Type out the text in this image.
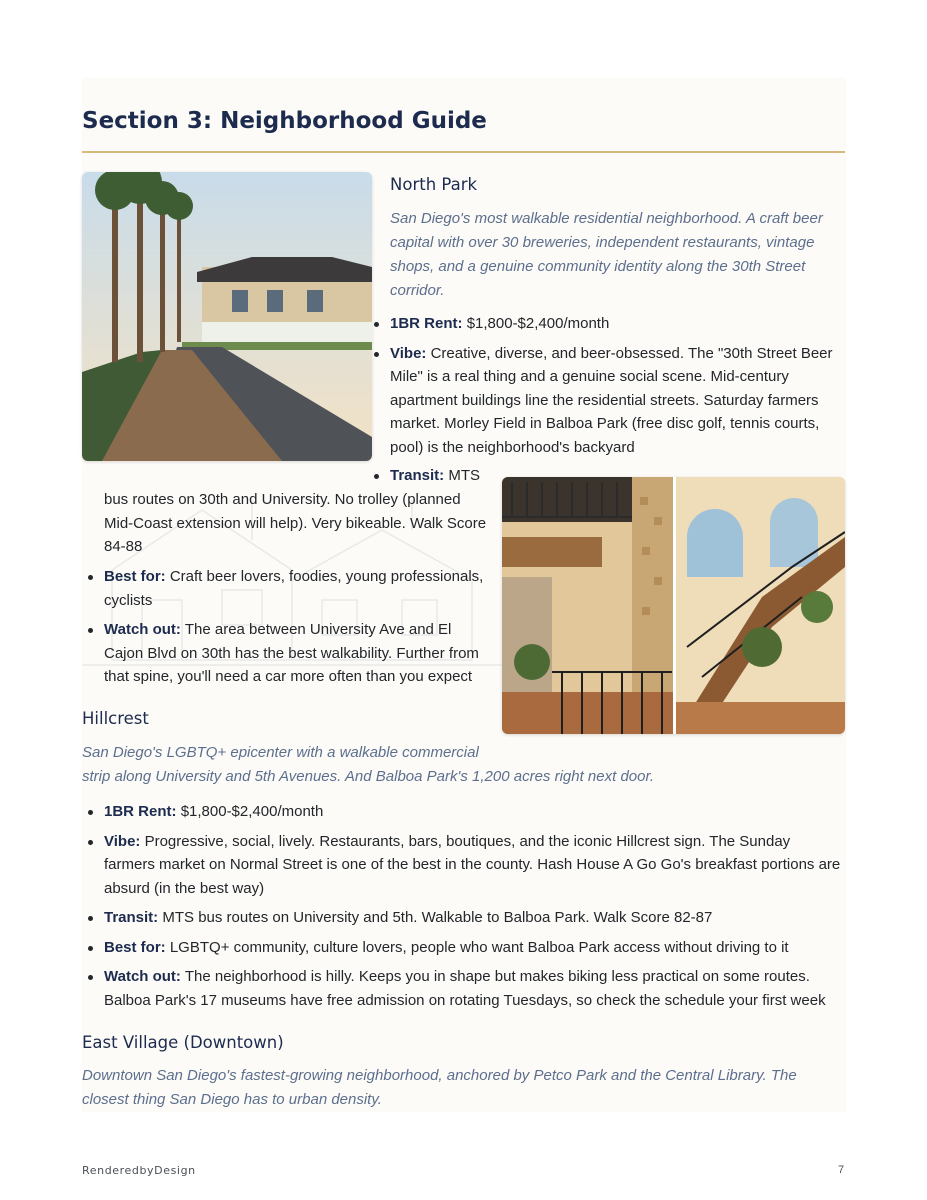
Section 3: Neighborhood Guide
North Park

San Diego's most walkable residential neighborhood. A craft beer capital with over 30 breweries, independent restaurants, vintage shops, and a genuine community identity along the 30th Street corridor.

1BR Rent: $1,800-$2,400/month
Vibe: Creative, diverse, and beer-obsessed. The "30th Street Beer Mile" is a real thing and a genuine social scene. Mid-century apartment buildings line the residential streets. Saturday farmers market. Morley Field in Balboa Park (free disc golf, tennis courts, pool) is the neighborhood's backyard

Transit: MTS

bus routes on 30th and University. No trolley (planned

Mid-Coast extension will help). Very bikeable. Walk Score

84-88

Best for: Craft beer lovers, foodies, young professionals, cyclists
Watch out: The area between University Ave and El Cajon Blvd on 30th has the best walkability. Further from that spine, you'll need a car more often than you expect
Hillcrest

San Diego's LGBTQ+ epicenter with a walkable commercial

strip along University and 5th Avenues. And Balboa Park's 1,200 acres right next door.

1BR Rent: $1,800-$2,400/month
Vibe: Progressive, social, lively. Restaurants, bars, boutiques, and the iconic Hillcrest sign. The Sunday farmers market on Normal Street is one of the best in the county. Hash House A Go Go's breakfast portions are absurd (in the best way)
Transit: MTS bus routes on University and 5th. Walkable to Balboa Park. Walk Score 82-87
Best for: LGBTQ+ community, culture lovers, people who want Balboa Park access without driving to it
Watch out: The neighborhood is hilly. Keeps you in shape but makes biking less practical on some routes. Balboa Park's 17 museums have free admission on rotating Tuesdays, so check the schedule your first week
East Village (Downtown)

Downtown San Diego's fastest-growing neighborhood, anchored by Petco Park and the Central Library. The closest thing San Diego has to urban density.

RenderedbyDesign	7
